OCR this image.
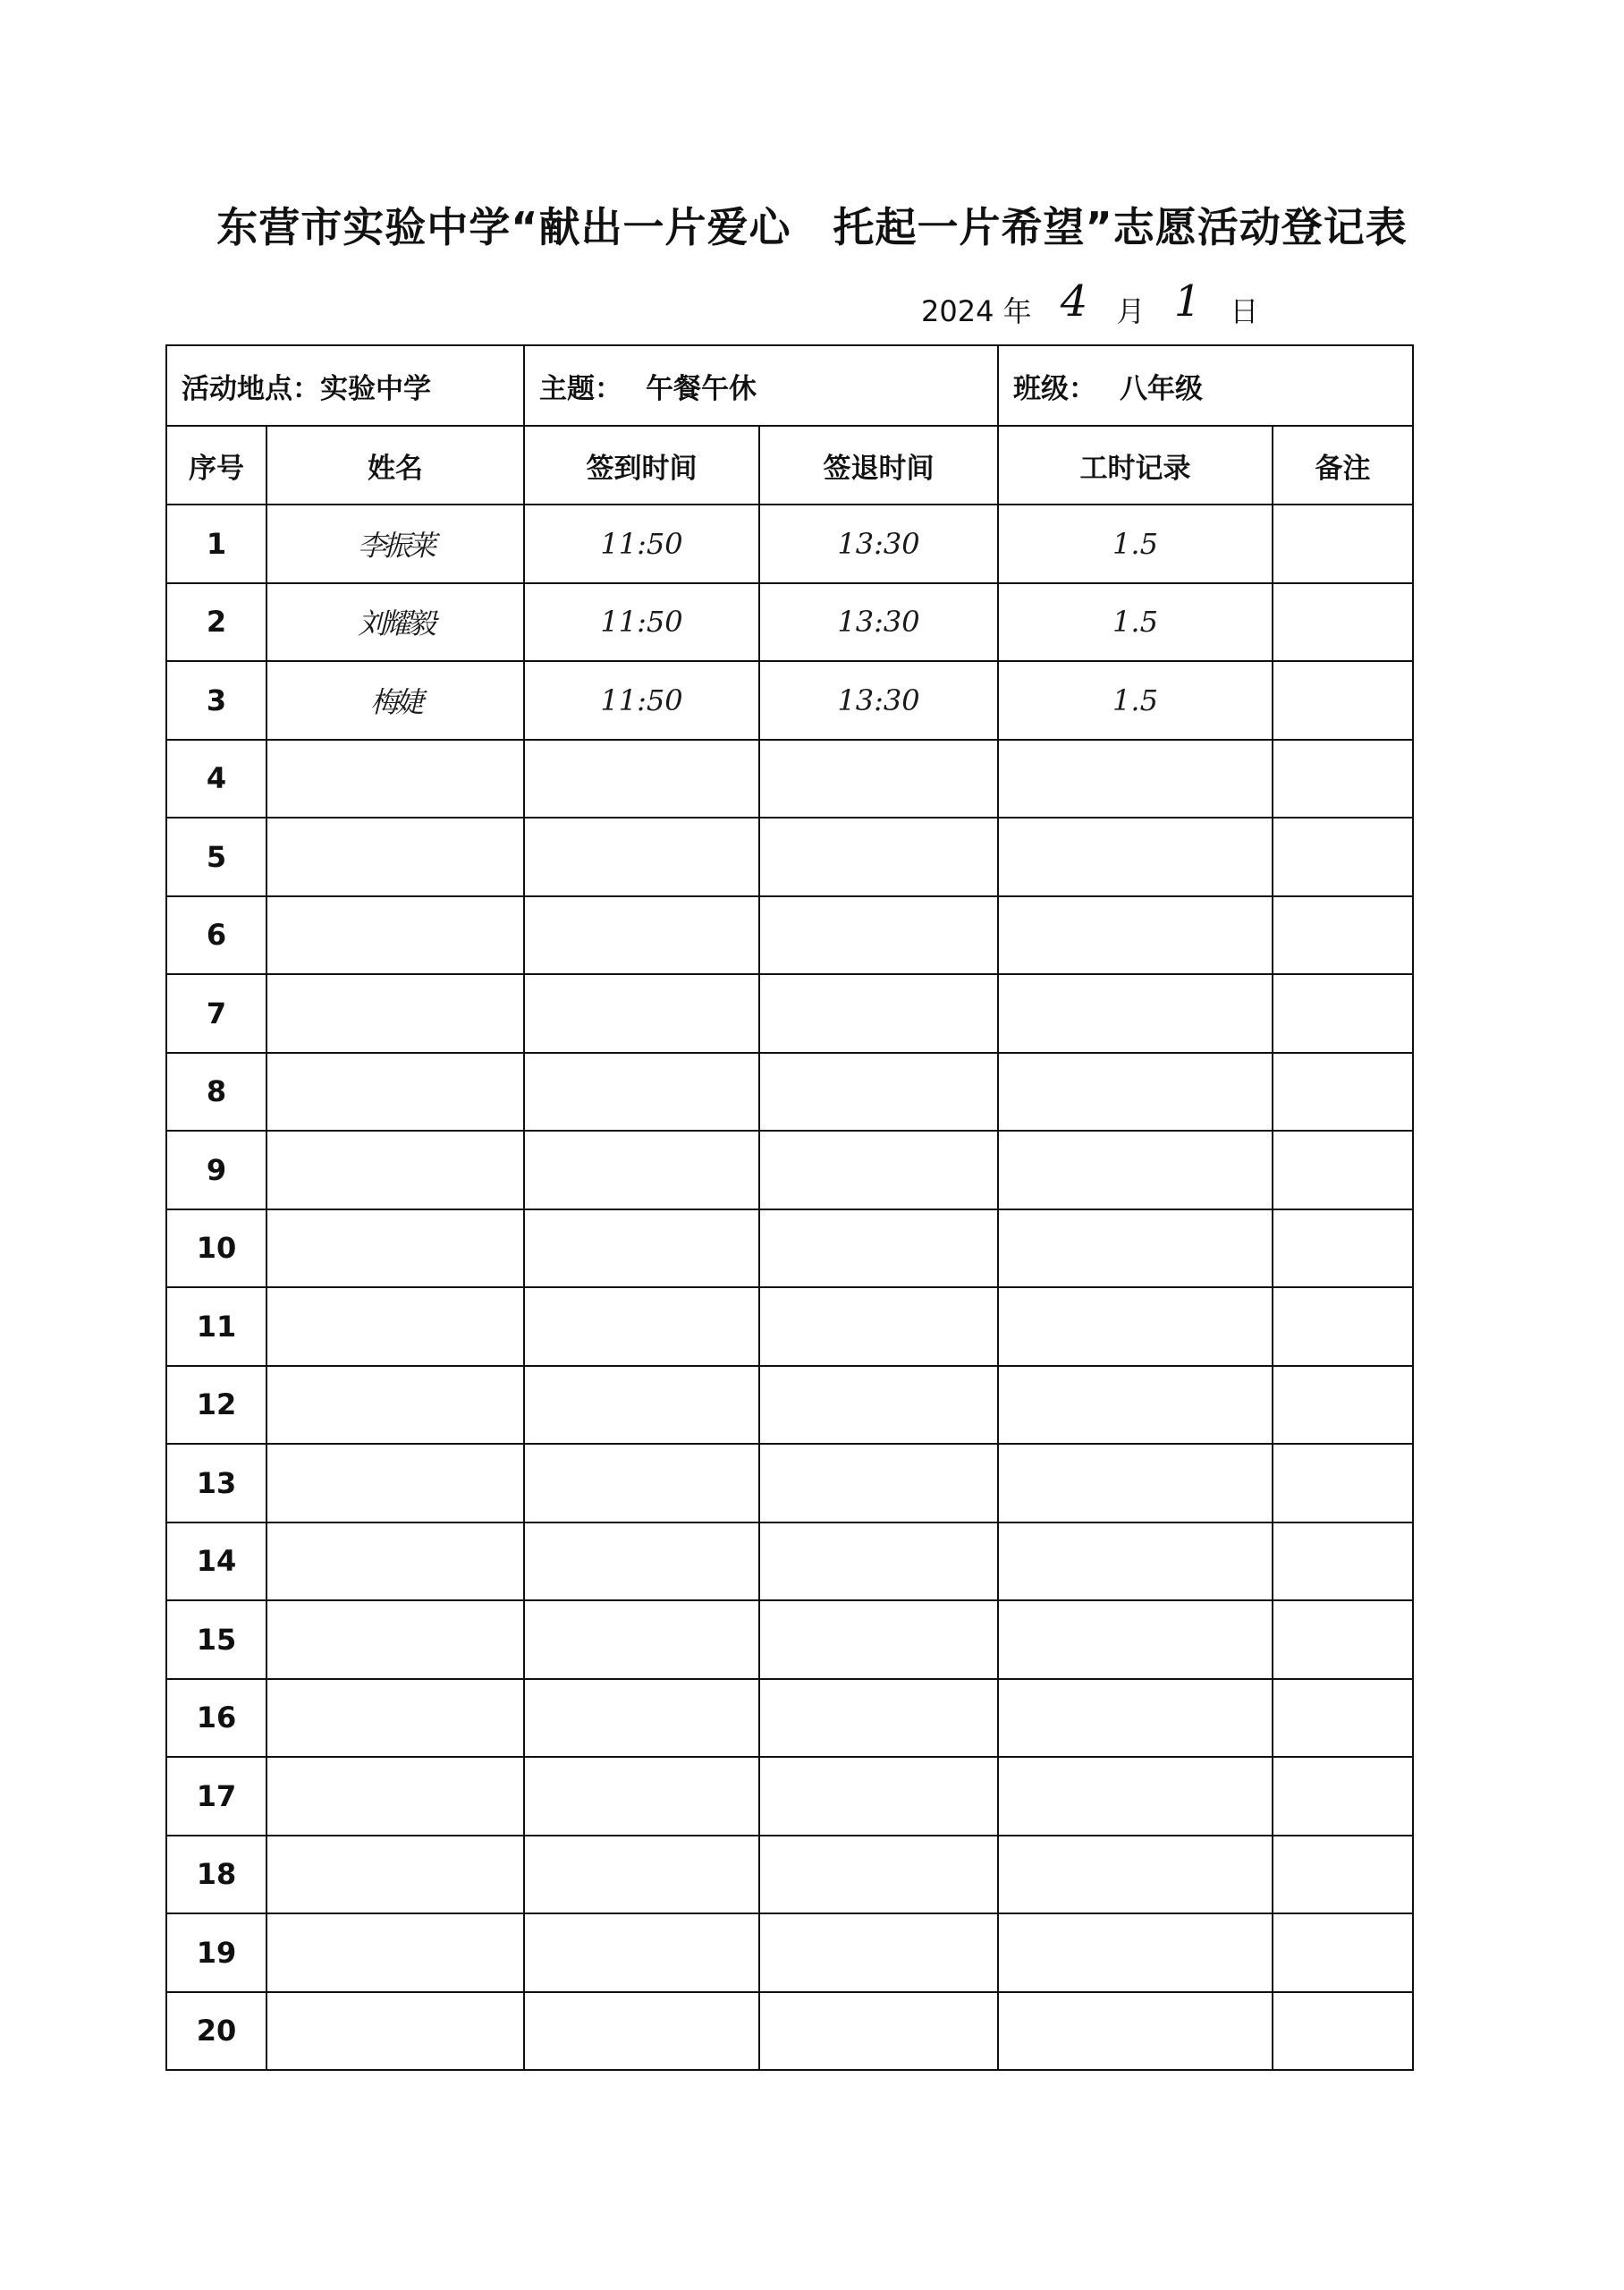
东营市实验中学“献出一片爱心　托起一片希望”志愿活动登记表
2024 年 4 月 1 日
活动地点：实验中学		主题： 午餐午休		班级： 八年级	
序号	姓名	签到时间	签退时间	工时记录	备注
1	李振莱	11:50	13:30	1.5	
2	刘耀毅	11:50	13:30	1.5	
3	梅婕	11:50	13:30	1.5	
4					
5					
6					
7					
8					
9					
10					
11					
12					
13					
14					
15					
16					
17					
18					
19					
20					
